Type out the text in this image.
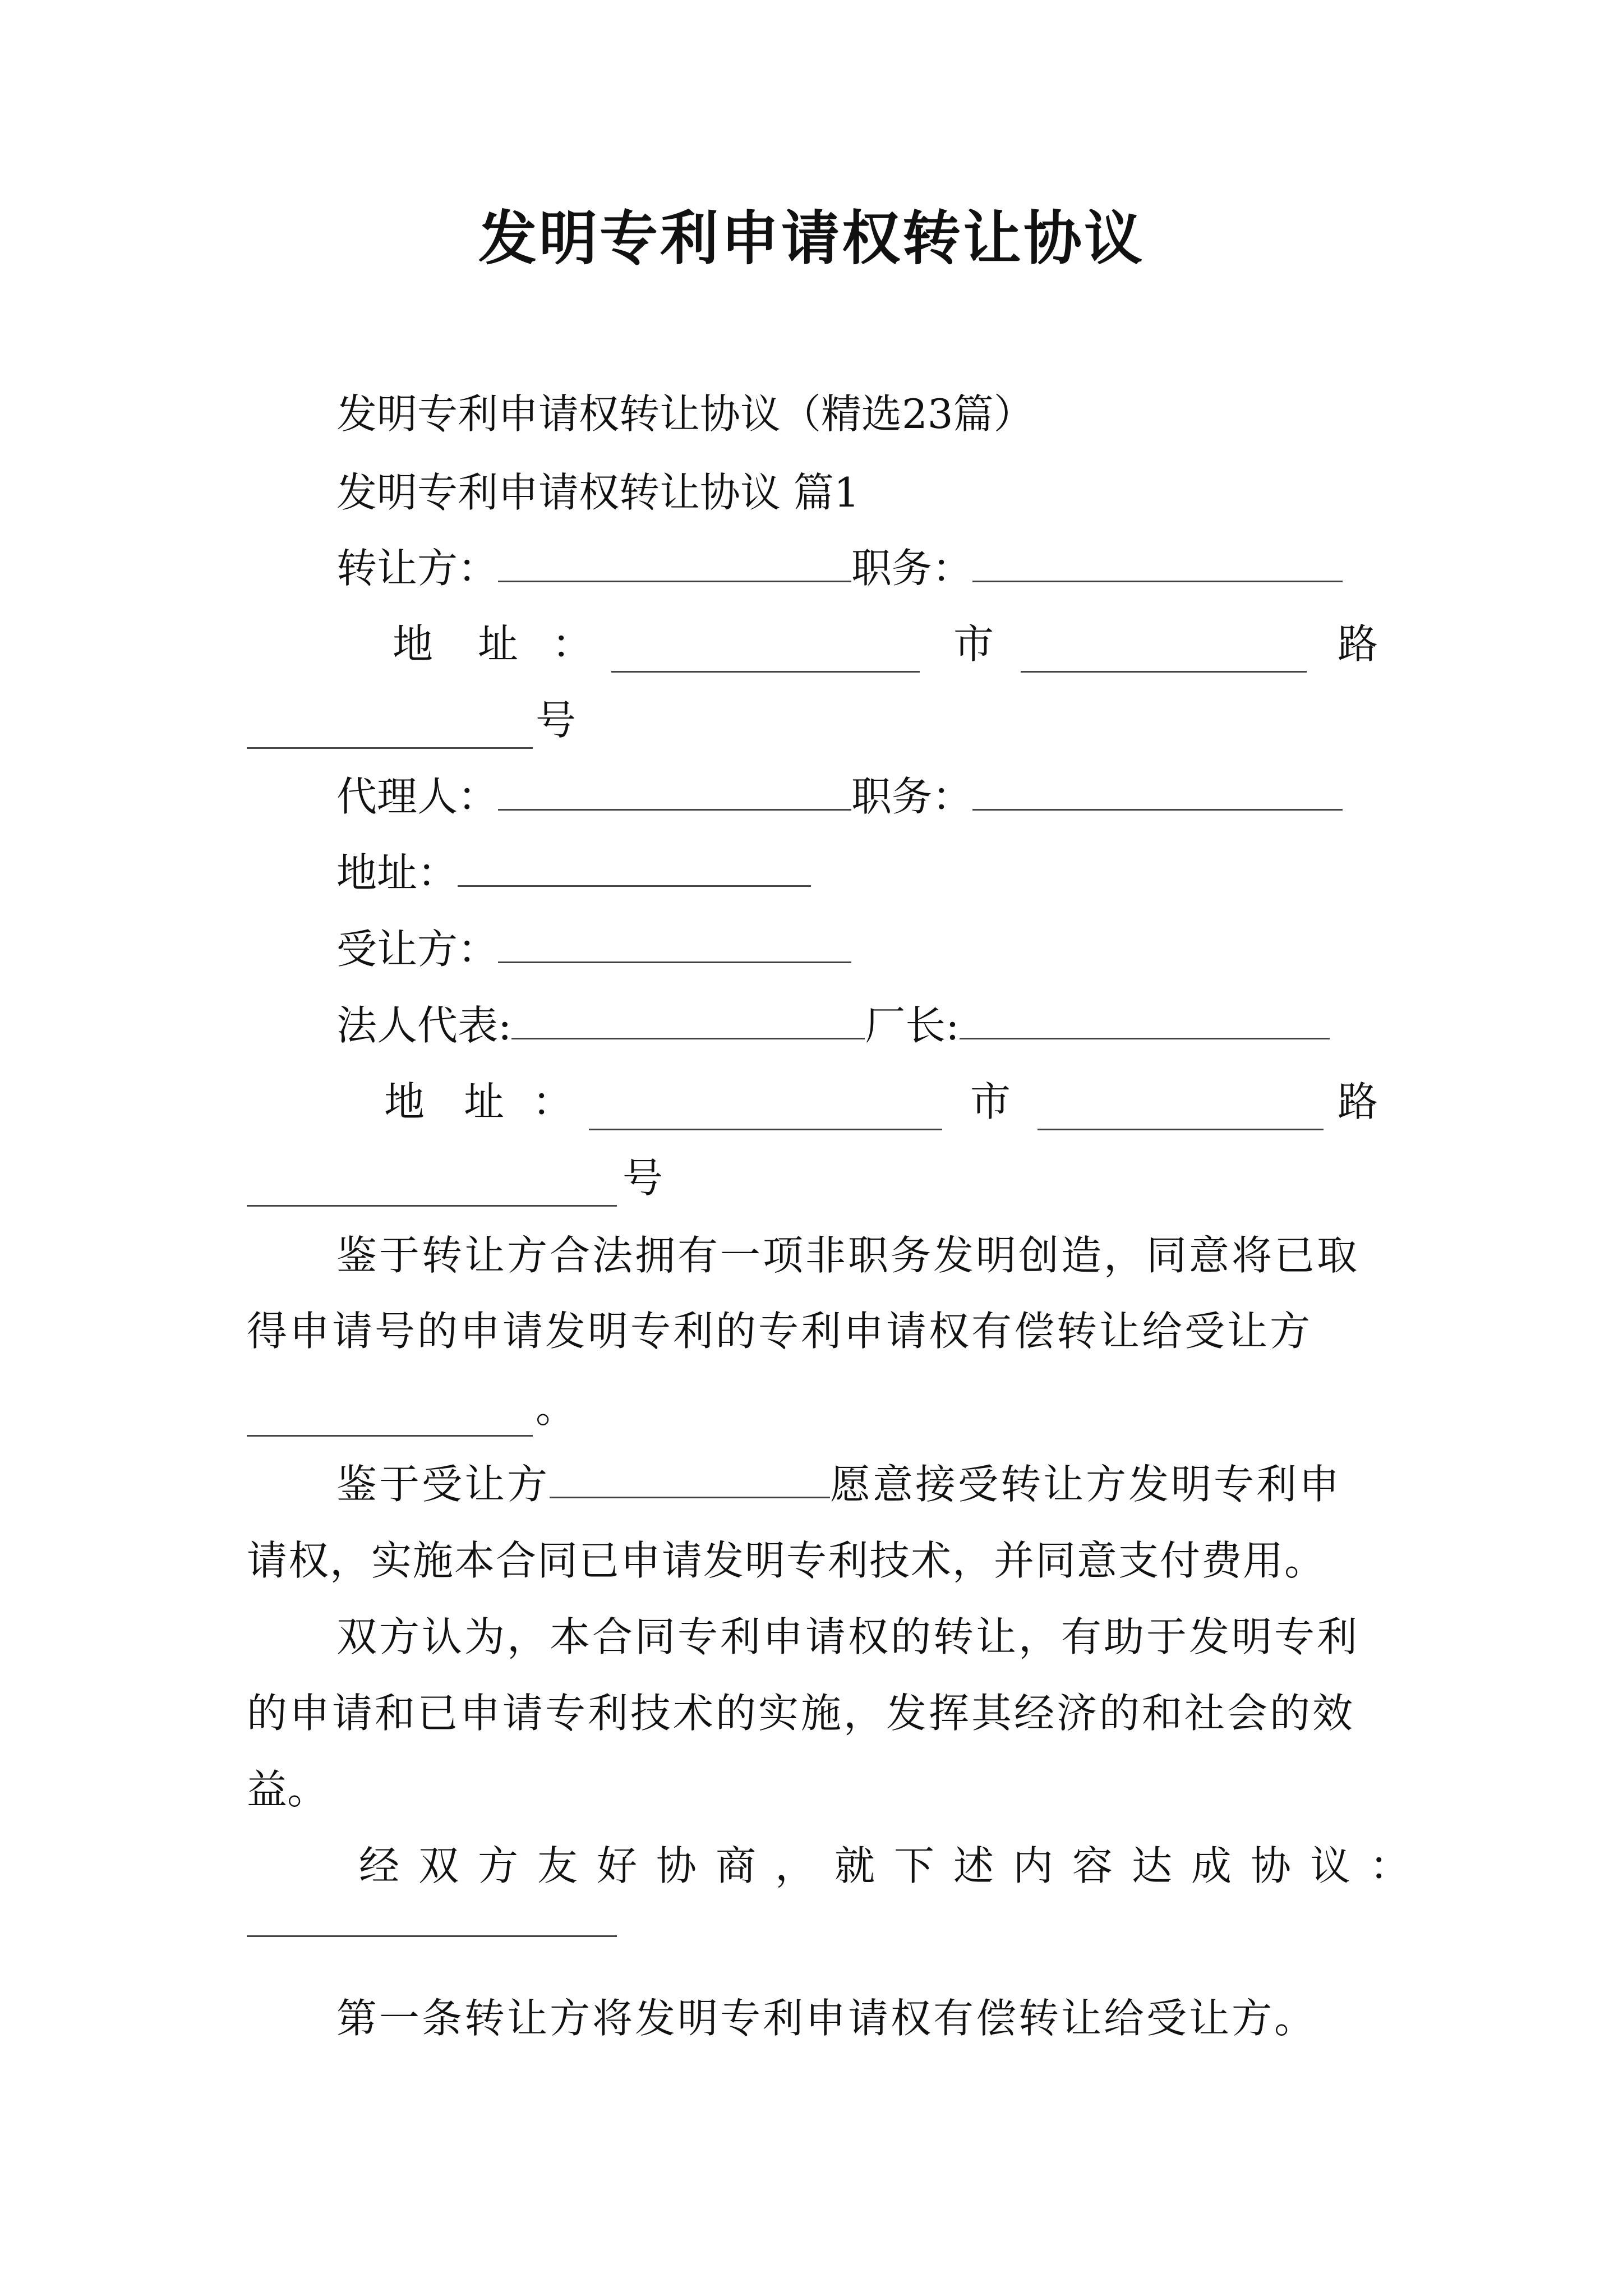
发明专利申请权转让协议
发明专利申请权转让协议（精选23篇）
发明专利申请权转让协议 篇1
转让方：	职务：
地 址 ：	市	路
号
代理人：	职务：
地址：
受让方：
法人代表:	厂长:
地 址 ：	市	路
号
鉴于转让方合法拥有一项非职务发明创造，同意将已取
得申请号的申请发明专利的专利申请权有偿转让给受让方
。
鉴于受让方	愿意接受转让方发明专利申
请权，实施本合同已申请发明专利技术，并同意支付费用。
双方认为，本合同专利申请权的转让，有助于发明专利
的申请和已申请专利技术的实施，发挥其经济的和社会的效
益。
经双方友好协商，就下述内容达成协议：
第一条转让方将发明专利申请权有偿转让给受让方。
